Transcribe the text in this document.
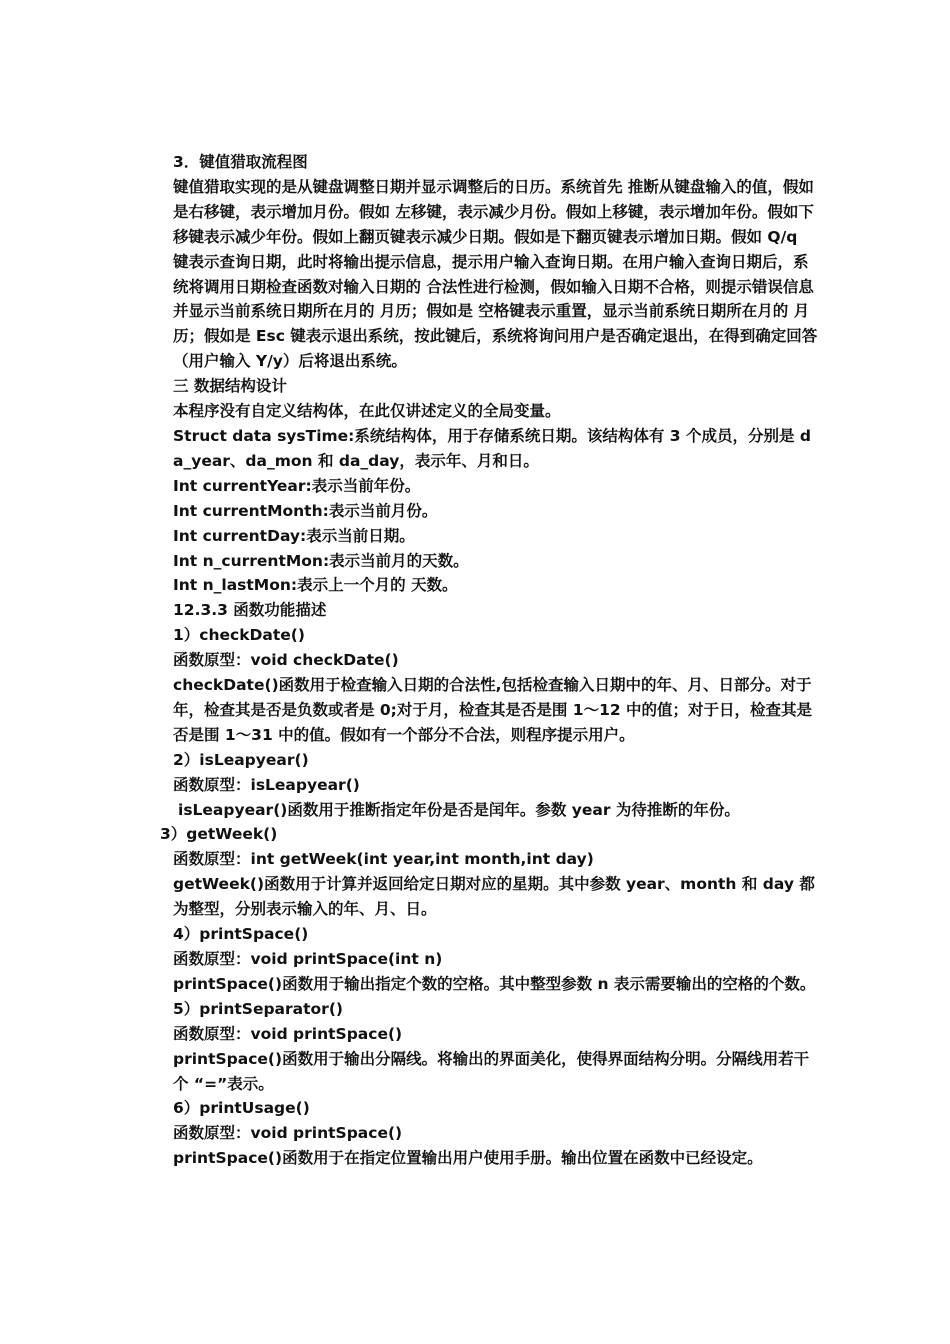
3．键值猎取流程图

键值猎取实现的是从键盘调整日期并显示调整后的日历。系统首先 推断从键盘输入的值，假如是右移键，表示增加月份。假如 左移键，表示减少月份。假如上移键，表示增加年份。假如下移键表示减少年份。假如上翻页键表示减少日期。假如是下翻页键表示增加日期。假如 Q/q 键表示查询日期，此时将输出提示信息，提示用户输入查询日期。在用户输入查询日期后，系统将调用日期检查函数对输入日期的 合法性进行检测，假如输入日期不合格，则提示错误信息并显示当前系统日期所在月的 月历；假如是 空格键表示重置，显示当前系统日期所在月的 月历；假如是 Esc 键表示退出系统，按此键后，系统将询问用户是否确定退出，在得到确定回答（用户输入 Y/y）后将退出系统。

三 数据结构设计

本程序没有自定义结构体，在此仅讲述定义的全局变量。

Struct data sysTime:系统结构体，用于存储系统日期。该结构体有 3 个成员，分别是 da_year、da_mon 和 da_day，表示年、月和日。

Int currentYear:表示当前年份。

Int currentMonth:表示当前月份。

Int currentDay:表示当前日期。

Int n_currentMon:表示当前月的天数。

Int n_lastMon:表示上一个月的 天数。

12.3.3 函数功能描述

1）checkDate()

函数原型：void checkDate()

checkDate()函数用于检查输入日期的合法性,包括检查输入日期中的年、月、日部分。对于年，检查其是否是负数或者是 0;对于月，检查其是否是围 1～12 中的值；对于日，检查其是否是围 1～31 中的值。假如有一个部分不合法，则程序提示用户。

2）isLeapyear()

函数原型：isLeapyear()

isLeapyear()函数用于推断指定年份是否是闰年。参数 year 为待推断的年份。

3）getWeek()

函数原型：int getWeek(int year,int month,int day)

getWeek()函数用于计算并返回给定日期对应的星期。其中参数 year、month 和 day 都为整型，分别表示输入的年、月、日。

4）printSpace()

函数原型：void printSpace(int n)

printSpace()函数用于输出指定个数的空格。其中整型参数 n 表示需要输出的空格的个数。

5）printSeparator()

函数原型：void printSpace()

printSpace()函数用于输出分隔线。将输出的界面美化，使得界面结构分明。分隔线用若干个 “=”表示。

6）printUsage()

函数原型：void printSpace()

printSpace()函数用于在指定位置输出用户使用手册。输出位置在函数中已经设定。
